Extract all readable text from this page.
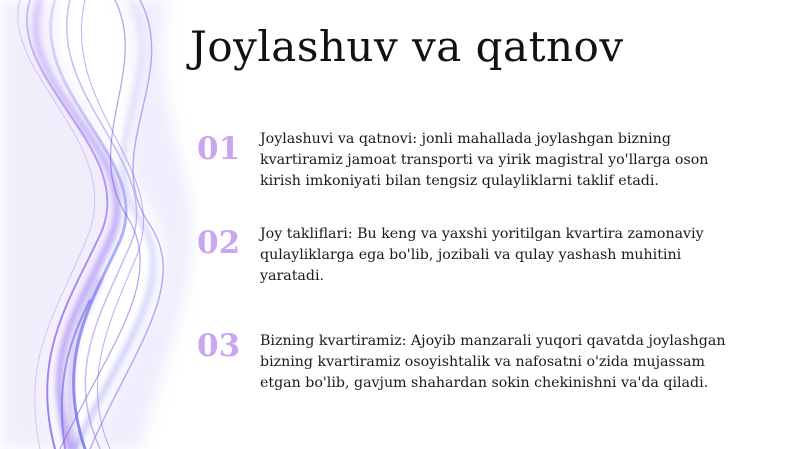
Joylashuv va qatnov
01	Joylashuvi va qatnovi: jonli mahallada joylashgan bizning kvartiramiz jamoat transporti va yirik magistral yo'llarga oson kirish imkoniyati bilan tengsiz qulayliklarni taklif etadi.
02	Joy takliflari: Bu keng va yaxshi yoritilgan kvartira zamonaviy qulayliklarga ega bo'lib, jozibali va qulay yashash muhitini yaratadi.
03	Bizning kvartiramiz: Ajoyib manzarali yuqori qavatda joylashgan bizning kvartiramiz osoyishtalik va nafosatni o'zida mujassam etgan bo'lib, gavjum shahardan sokin chekinishni va'da qiladi.
